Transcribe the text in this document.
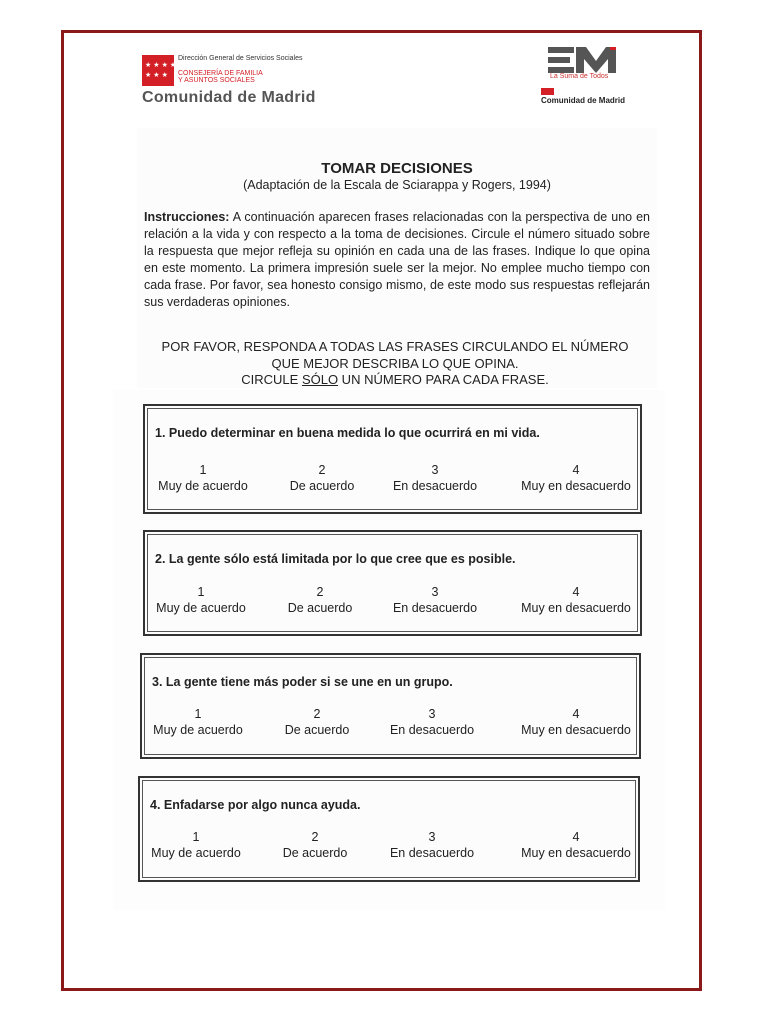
★ ★ ★ ★
★ ★ ★
Dirección General de Servicios Sociales
CONSEJERÍA DE FAMILIA
Y ASUNTOS SOCIALES
Comunidad de Madrid
La Suma de Todos
Comunidad de Madrid
TOMAR DECISIONES
(Adaptación de la Escala de Sciarappa y Rogers, 1994)
Instrucciones: A continuación aparecen frases relacionadas con la perspectiva de uno en relación a la vida y con respecto a la toma de decisiones. Circule el número situado sobre la respuesta que mejor refleja su opinión en cada una de las frases. Indique lo que opina en este momento. La primera impresión suele ser la mejor. No emplee mucho tiempo con cada frase. Por favor, sea honesto consigo mismo, de este modo sus respuestas reflejarán sus verdaderas opiniones.
POR FAVOR, RESPONDA A TODAS LAS FRASES CIRCULANDO EL NÚMERO
QUE MEJOR DESCRIBA LO QUE OPINA.
CIRCULE SÓLO UN NÚMERO PARA CADA FRASE.
1. Puedo determinar en buena medida lo que ocurrirá en mi vida.
1
Muy de acuerdo
2
De acuerdo
3
En desacuerdo
4
Muy en desacuerdo
2. La gente sólo está limitada por lo que cree que es posible.
1
Muy de acuerdo
2
De acuerdo
3
En desacuerdo
4
Muy en desacuerdo
3. La gente tiene más poder si se une en un grupo.
1
Muy de acuerdo
2
De acuerdo
3
En desacuerdo
4
Muy en desacuerdo
4. Enfadarse por algo nunca ayuda.
1
Muy de acuerdo
2
De acuerdo
3
En desacuerdo
4
Muy en desacuerdo
